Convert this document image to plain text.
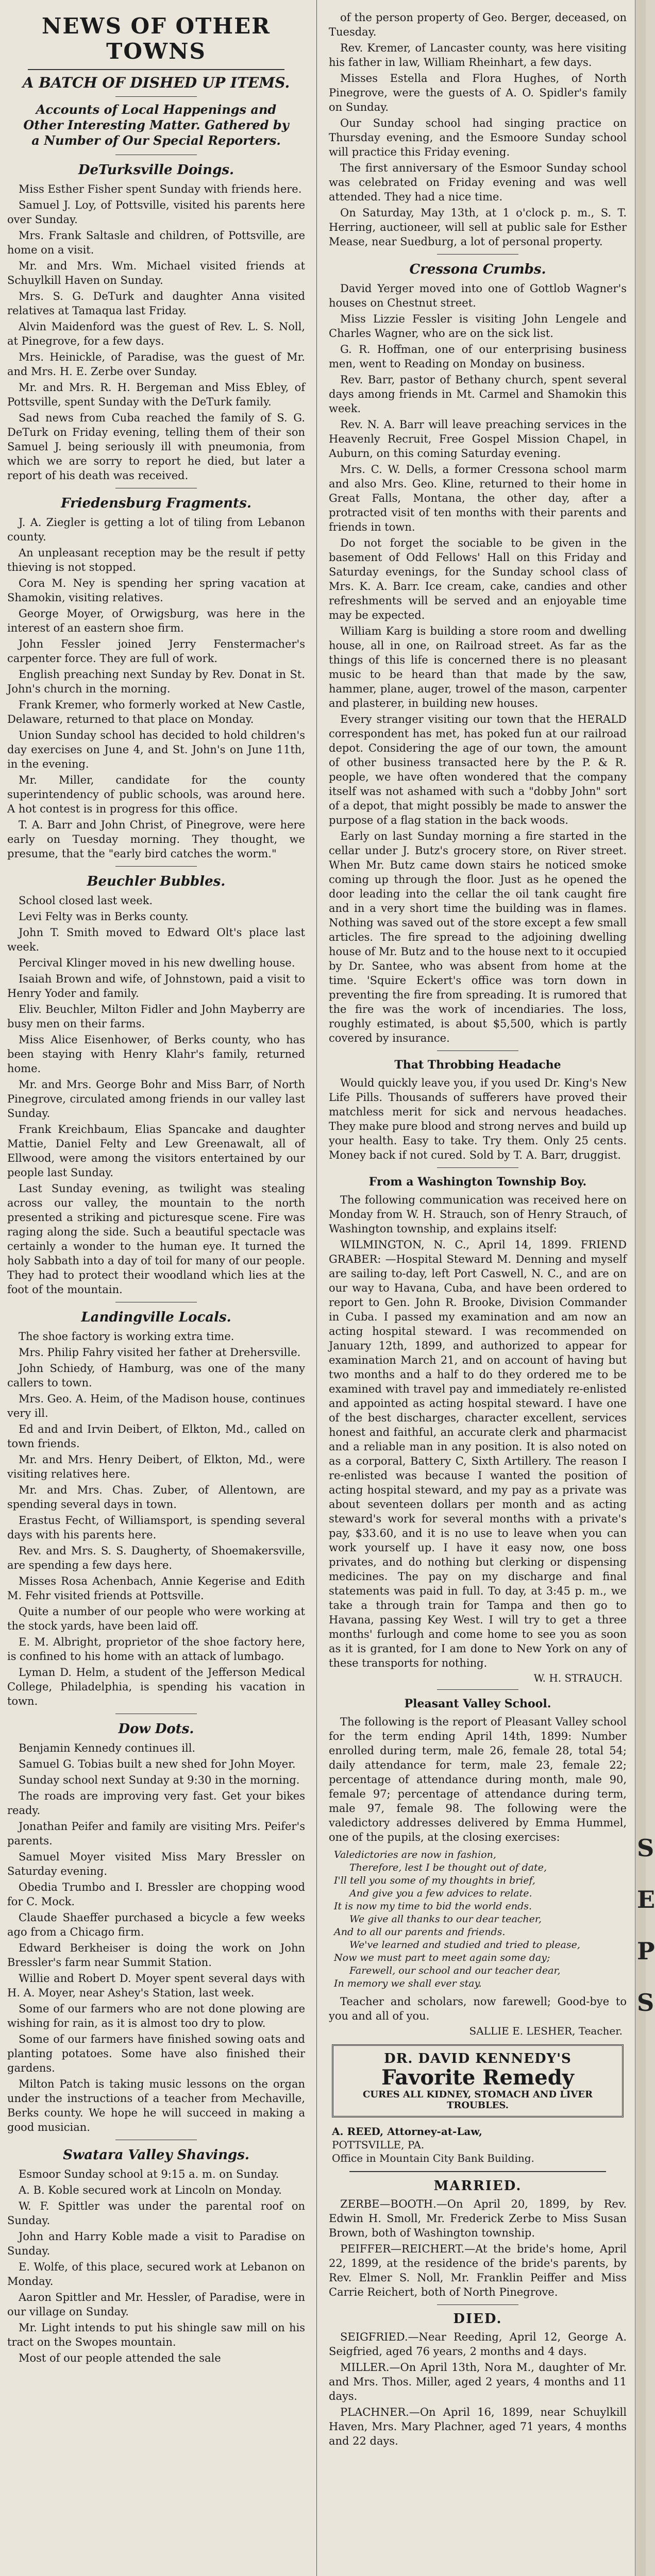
NEWS OF OTHER TOWNS
A BATCH OF DISHED UP ITEMS.
Accounts of Local Happenings and Other Interesting Matter. Gathered by a Number of Our Special Reporters.
DeTurksville Doings.

Miss Esther Fisher spent Sunday with friends here.

Samuel J. Loy, of Pottsville, visited his parents here over Sunday.

Mrs. Frank Saltasle and children, of Pottsville, are home on a visit.

Mr. and Mrs. Wm. Michael visited friends at Schuylkill Haven on Sunday.

Mrs. S. G. DeTurk and daughter Anna visited relatives at Tamaqua last Friday.

Alvin Maidenford was the guest of Rev. L. S. Noll, at Pinegrove, for a few days.

Mrs. Heinickle, of Paradise, was the guest of Mr. and Mrs. H. E. Zerbe over Sunday.

Mr. and Mrs. R. H. Bergeman and Miss Ebley, of Pottsville, spent Sunday with the DeTurk family.

Sad news from Cuba reached the family of S. G. DeTurk on Friday evening, telling them of their son Samuel J. being seriously ill with pneumonia, from which we are sorry to report he died, but later a report of his death was received.

Friedensburg Fragments.

J. A. Ziegler is getting a lot of tiling from Lebanon county.

An unpleasant reception may be the result if petty thieving is not stopped.

Cora M. Ney is spending her spring vacation at Shamokin, visiting relatives.

George Moyer, of Orwigsburg, was here in the interest of an eastern shoe firm.

John Fessler joined Jerry Fenstermacher's carpenter force. They are full of work.

English preaching next Sunday by Rev. Donat in St. John's church in the morning.

Frank Kremer, who formerly worked at New Castle, Delaware, returned to that place on Monday.

Union Sunday school has decided to hold children's day exercises on June 4, and St. John's on June 11th, in the evening.

Mr. Miller, candidate for the county superintendency of public schools, was around here. A hot contest is in progress for this office.

T. A. Barr and John Christ, of Pinegrove, were here early on Tuesday morning. They thought, we presume, that the "early bird catches the worm."

Beuchler Bubbles.

School closed last week.

Levi Felty was in Berks county.

John T. Smith moved to Edward Olt's place last week.

Percival Klinger moved in his new dwelling house.

Isaiah Brown and wife, of Johnstown, paid a visit to Henry Yoder and family.

Eliv. Beuchler, Milton Fidler and John Mayberry are busy men on their farms.

Miss Alice Eisenhower, of Berks county, who has been staying with Henry Klahr's family, returned home.

Mr. and Mrs. George Bohr and Miss Barr, of North Pinegrove, circulated among friends in our valley last Sunday.

Frank Kreichbaum, Elias Spancake and daughter Mattie, Daniel Felty and Lew Greenawalt, all of Ellwood, were among the visitors entertained by our people last Sunday.

Last Sunday evening, as twilight was stealing across our valley, the mountain to the north presented a striking and picturesque scene. Fire was raging along the side. Such a beautiful spectacle was certainly a wonder to the human eye. It turned the holy Sabbath into a day of toil for many of our people. They had to protect their woodland which lies at the foot of the mountain.

Landingville Locals.

The shoe factory is working extra time.

Mrs. Philip Fahry visited her father at Drehersville.

John Schiedy, of Hamburg, was one of the many callers to town.

Mrs. Geo. A. Heim, of the Madison house, continues very ill.

Ed and and Irvin Deibert, of Elkton, Md., called on town friends.

Mr. and Mrs. Henry Deibert, of Elkton, Md., were visiting relatives here.

Mr. and Mrs. Chas. Zuber, of Allentown, are spending several days in town.

Erastus Fecht, of Williamsport, is spending several days with his parents here.

Rev. and Mrs. S. S. Daugherty, of Shoemakersville, are spending a few days here.

Misses Rosa Achenbach, Annie Kegerise and Edith M. Fehr visited friends at Pottsville.

Quite a number of our people who were working at the stock yards, have been laid off.

E. M. Albright, proprietor of the shoe factory here, is confined to his home with an attack of lumbago.

Lyman D. Helm, a student of the Jefferson Medical College, Philadelphia, is spending his vacation in town.

Dow Dots.

Benjamin Kennedy continues ill.

Samuel G. Tobias built a new shed for John Moyer.

Sunday school next Sunday at 9:30 in the morning.

The roads are improving very fast. Get your bikes ready.

Jonathan Peifer and family are visiting Mrs. Peifer's parents.

Samuel Moyer visited Miss Mary Bressler on Saturday evening.

Obedia Trumbo and I. Bressler are chopping wood for C. Mock.

Claude Shaeffer purchased a bicycle a few weeks ago from a Chicago firm.

Edward Berkheiser is doing the work on John Bressler's farm near Summit Station.

Willie and Robert D. Moyer spent several days with H. A. Moyer, near Ashey's Station, last week.

Some of our farmers who are not done plowing are wishing for rain, as it is almost too dry to plow.

Some of our farmers have finished sowing oats and planting potatoes. Some have also finished their gardens.

Milton Patch is taking music lessons on the organ under the instructions of a teacher from Mechaville, Berks county. We hope he will succeed in making a good musician.

Swatara Valley Shavings.

Esmoor Sunday school at 9:15 a. m. on Sunday.

A. B. Koble secured work at Lincoln on Monday.

W. F. Spittler was under the parental roof on Sunday.

John and Harry Koble made a visit to Paradise on Sunday.

E. Wolfe, of this place, secured work at Lebanon on Monday.

Aaron Spittler and Mr. Hessler, of Paradise, were in our village on Sunday.

Mr. Light intends to put his shingle saw mill on his tract on the Swopes mountain.

Most of our people attended the sale

of the person property of Geo. Berger, deceased, on Tuesday.

Rev. Kremer, of Lancaster county, was here visiting his father in law, William Rheinhart, a few days.

Misses Estella and Flora Hughes, of North Pinegrove, were the guests of A. O. Spidler's family on Sunday.

Our Sunday school had singing practice on Thursday evening, and the Esmoore Sunday school will practice this Friday evening.

The first anniversary of the Esmoor Sunday school was celebrated on Friday evening and was well attended. They had a nice time.

On Saturday, May 13th, at 1 o'clock p. m., S. T. Herring, auctioneer, will sell at public sale for Esther Mease, near Suedburg, a lot of personal property.

Cressona Crumbs.

David Yerger moved into one of Gottlob Wagner's houses on Chestnut street.

Miss Lizzie Fessler is visiting John Lengele and Charles Wagner, who are on the sick list.

G. R. Hoffman, one of our enterprising business men, went to Reading on Monday on business.

Rev. Barr, pastor of Bethany church, spent several days among friends in Mt. Carmel and Shamokin this week.

Rev. N. A. Barr will leave preaching services in the Heavenly Recruit, Free Gospel Mission Chapel, in Auburn, on this coming Saturday evening.

Mrs. C. W. Dells, a former Cressona school marm and also Mrs. Geo. Kline, returned to their home in Great Falls, Montana, the other day, after a protracted visit of ten months with their parents and friends in town.

Do not forget the sociable to be given in the basement of Odd Fellows' Hall on this Friday and Saturday evenings, for the Sunday school class of Mrs. K. A. Barr. Ice cream, cake, candies and other refreshments will be served and an enjoyable time may be expected.

William Karg is building a store room and dwelling house, all in one, on Railroad street. As far as the things of this life is concerned there is no pleasant music to be heard than that made by the saw, hammer, plane, auger, trowel of the mason, carpenter and plasterer, in building new houses.

Every stranger visiting our town that the HERALD correspondent has met, has poked fun at our railroad depot. Considering the age of our town, the amount of other business transacted here by the P. & R. people, we have often wondered that the company itself was not ashamed with such a "dobby John" sort of a depot, that might possibly be made to answer the purpose of a flag station in the back woods.

Early on last Sunday morning a fire started in the cellar under J. Butz's grocery store, on River street. When Mr. Butz came down stairs he noticed smoke coming up through the floor. Just as he opened the door leading into the cellar the oil tank caught fire and in a very short time the building was in flames. Nothing was saved out of the store except a few small articles. The fire spread to the adjoining dwelling house of Mr. Butz and to the house next to it occupied by Dr. Santee, who was absent from home at the time. 'Squire Eckert's office was torn down in preventing the fire from spreading. It is rumored that the fire was the work of incendiaries. The loss, roughly estimated, is about $5,500, which is partly covered by insurance.

That Throbbing Headache

Would quickly leave you, if you used Dr. King's New Life Pills. Thousands of sufferers have proved their matchless merit for sick and nervous headaches. They make pure blood and strong nerves and build up your health. Easy to take. Try them. Only 25 cents. Money back if not cured. Sold by T. A. Barr, druggist.

From a Washington Township Boy.

The following communication was received here on Monday from W. H. Strauch, son of Henry Strauch, of Washington township, and explains itself:

WILMINGTON, N. C., April 14, 1899. FRIEND GRABER: —Hospital Steward M. Denning and myself are sailing to-day, left Port Caswell, N. C., and are on our way to Havana, Cuba, and have been ordered to report to Gen. John R. Brooke, Division Commander in Cuba. I passed my examination and am now an acting hospital steward. I was recommended on January 12th, 1899, and authorized to appear for examination March 21, and on account of having but two months and a half to do they ordered me to be examined with travel pay and immediately re-enlisted and appointed as acting hospital steward. I have one of the best discharges, character excellent, services honest and faithful, an accurate clerk and pharmacist and a reliable man in any position. It is also noted on as a corporal, Battery C, Sixth Artillery. The reason I re-enlisted was because I wanted the position of acting hospital steward, and my pay as a private was about seventeen dollars per month and as acting steward's work for several months with a private's pay, $33.60, and it is no use to leave when you can work yourself up. I have it easy now, one boss privates, and do nothing but clerking or dispensing medicines. The pay on my discharge and final statements was paid in full. To day, at 3:45 p. m., we take a through train for Tampa and then go to Havana, passing Key West. I will try to get a three months' furlough and come home to see you as soon as it is granted, for I am done to New York on any of these transports for nothing.

W. H. STRAUCH.
Pleasant Valley School.

The following is the report of Pleasant Valley school for the term ending April 14th, 1899: Number enrolled during term, male 26, female 28, total 54; daily attendance for term, male 23, female 22; percentage of attendance during month, male 90, female 97; percentage of attendance during term, male 97, female 98. The following were the valedictory addresses delivered by Emma Hummel, one of the pupils, at the closing exercises:

Valedictories are now in fashion,
Therefore, lest I be thought out of date,
I'll tell you some of my thoughts in brief,
And give you a few advices to relate.
It is now my time to bid the world ends.
We give all thanks to our dear teacher,
And to all our parents and friends.
We've learned and studied and tried to please,
Now we must part to meet again some day;
Farewell, our school and our teacher dear,
In memory we shall ever stay.

Teacher and scholars, now farewell; Good-bye to you and all of you.

SALLIE E. LESHER, Teacher.
DR. DAVID KENNEDY'S
Favorite Remedy
CURES ALL KIDNEY, STOMACH AND LIVER TROUBLES.
A. REED, Attorney-at-Law,
POTTSVILLE, PA.
Office in Mountain City Bank Building.
MARRIED.

ZERBE—BOOTH.—On April 20, 1899, by Rev. Edwin H. Smoll, Mr. Frederick Zerbe to Miss Susan Brown, both of Washington township.

PEIFFER—REICHERT.—At the bride's home, April 22, 1899, at the residence of the bride's parents, by Rev. Elmer S. Noll, Mr. Franklin Peiffer and Miss Carrie Reichert, both of North Pinegrove.

DIED.

SEIGFRIED.—Near Reeding, April 12, George A. Seigfried, aged 76 years, 2 months and 4 days.

MILLER.—On April 13th, Nora M., daughter of Mr. and Mrs. Thos. Miller, aged 2 years, 4 months and 11 days.

PLACHNER.—On April 16, 1899, near Schuylkill Haven, Mrs. Mary Plachner, aged 71 years, 4 months and 22 days.

S
E
P
S
